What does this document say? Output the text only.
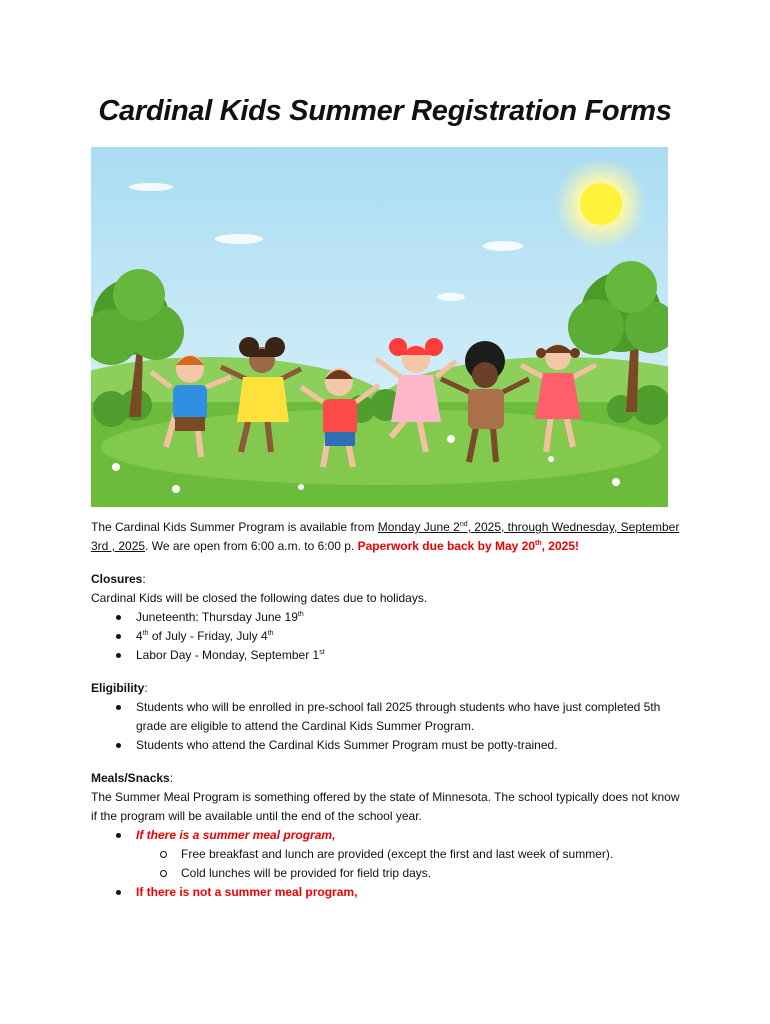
Cardinal Kids Summer Registration Forms

The Cardinal Kids Summer Program is available from Monday June 2nd, 2025, through Wednesday, September 3rd , 2025. We are open from 6:00 a.m. to 6:00 p. Paperwork due back by May 20th, 2025!

Closures:

Cardinal Kids will be closed the following dates due to holidays.

Juneteenth: Thursday June 19th
4th of July - Friday, July 4th
Labor Day - Monday, September 1st

Eligibility:

Students who will be enrolled in pre-school fall 2025 through students who have just completed 5th grade are eligible to attend the Cardinal Kids Summer Program.
Students who attend the Cardinal Kids Summer Program must be potty-trained.

Meals/Snacks:

The Summer Meal Program is something offered by the state of Minnesota. The school typically does not know if the program will be available until the end of the school year.

If there is a summer meal program,
Free breakfast and lunch are provided (except the first and last week of summer).
Cold lunches will be provided for field trip days.
If there is not a summer meal program,
